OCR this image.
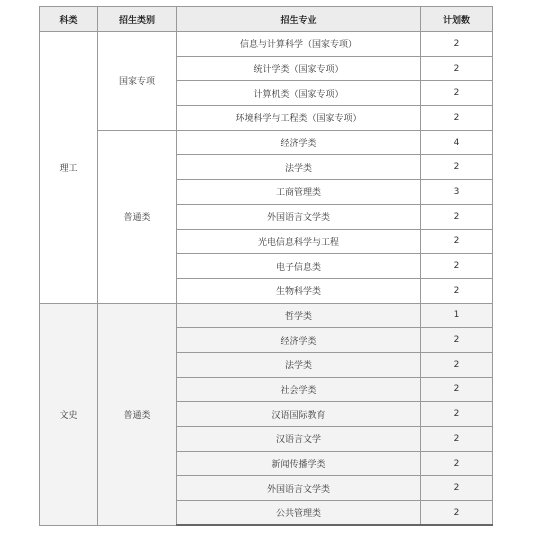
科类	招生类别	招生专业	计划数
理工	国家专项	信息与计算科学（国家专项）	2
		统计学类（国家专项）	2
		计算机类（国家专项）	2
		环境科学与工程类（国家专项）	2
	普通类	经济学类	4
		法学类	2
		工商管理类	3
		外国语言文学类	2
		光电信息科学与工程	2
		电子信息类	2
		生物科学类	2
文史	普通类	哲学类	1
		经济学类	2
		法学类	2
		社会学类	2
		汉语国际教育	2
		汉语言文学	2
		新闻传播学类	2
		外国语言文学类	2
		公共管理类	2
